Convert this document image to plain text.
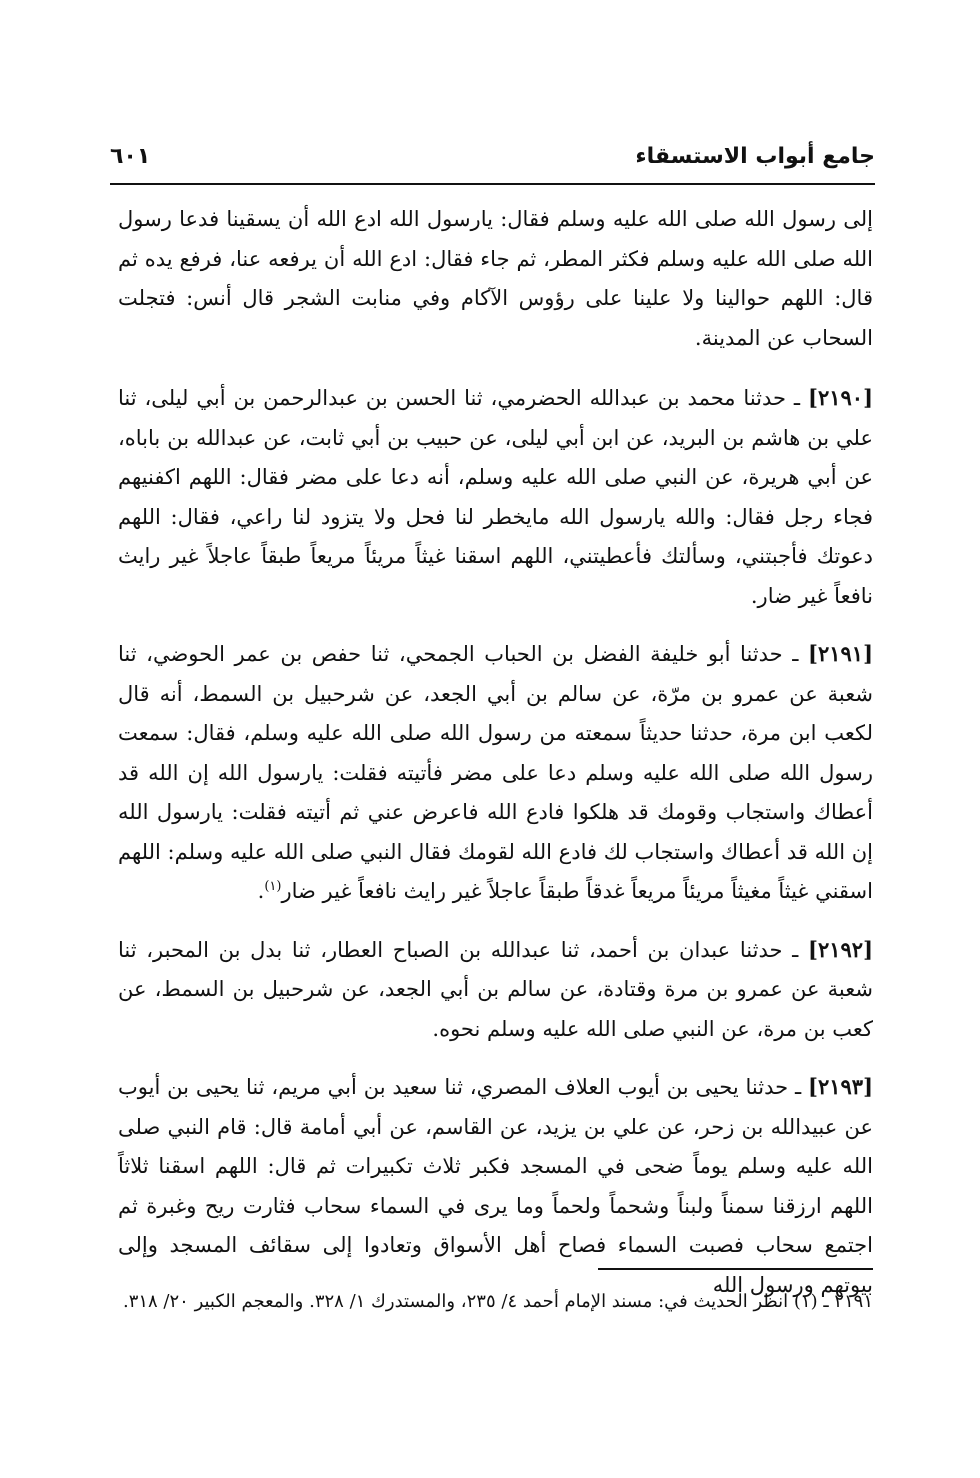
جامع أبواب الاستسقاء
٦٠١

إلى رسول الله صلى الله عليه وسلم فقال: يارسول الله ادع الله أن يسقينا فدعا رسول الله صلى الله عليه وسلم فكثر المطر، ثم جاء فقال: ادع الله أن يرفعه عنا، فرفع يده ثم قال: اللهم حوالينا ولا علينا على رؤوس الآكام وفي منابت الشجر قال أنس: فتجلت السحاب عن المدينة.

[٢١٩٠] ـ حدثنا محمد بن عبدالله الحضرمي، ثنا الحسن بن عبدالرحمن بن أبي ليلى، ثنا علي بن هاشم بن البريد، عن ابن أبي ليلى، عن حبيب بن أبي ثابت، عن عبدالله بن باباه، عن أبي هريرة، عن النبي صلى الله عليه وسلم، أنه دعا على مضر فقال: اللهم اكفنيهم فجاء رجل فقال: والله يارسول الله مايخطر لنا فحل ولا يتزود لنا راعي، فقال: اللهم دعوتك فأجبتني، وسألتك فأعطيتني، اللهم اسقنا غيثاً مريئاً مريعاً طبقاً عاجلاً غير رايث نافعاً غير ضار.

[٢١٩١] ـ حدثنا أبو خليفة الفضل بن الحباب الجمحي، ثنا حفص بن عمر الحوضي، ثنا شعبة عن عمرو بن مرّة، عن سالم بن أبي الجعد، عن شرحبيل بن السمط، أنه قال لكعب ابن مرة، حدثنا حديثاً سمعته من رسول الله صلى الله عليه وسلم، فقال: سمعت رسول الله صلى الله عليه وسلم دعا على مضر فأتيته فقلت: يارسول الله إن الله قد أعطاك واستجاب وقومك قد هلكوا فادع الله فاعرض عني ثم أتيته فقلت: يارسول الله إن الله قد أعطاك واستجاب لك فادع الله لقومك فقال النبي صلى الله عليه وسلم: اللهم اسقني غيثاً مغيثاً مريئاً مريعاً غدقاً طبقاً عاجلاً غير رايث نافعاً غير ضار$^{(١)}$.

[٢١٩٢] ـ حدثنا عبدان بن أحمد، ثنا عبدالله بن الصباح العطار، ثنا بدل بن المحبر، ثنا شعبة عن عمرو بن مرة وقتادة، عن سالم بن أبي الجعد، عن شرحبيل بن السمط، عن كعب بن مرة، عن النبي صلى الله عليه وسلم نحوه.

[٢١٩٣] ـ حدثنا يحيى بن أيوب العلاف المصري، ثنا سعيد بن أبي مريم، ثنا يحيى بن أيوب عن عبيدالله بن زحر، عن علي بن يزيد، عن القاسم، عن أبي أمامة قال: قام النبي صلى الله عليه وسلم يوماً ضحى في المسجد فكبر ثلاث تكبيرات ثم قال: اللهم اسقنا ثلاثاً اللهم ارزقنا سمناً ولبناً وشحماً ولحماً وما يرى في السماء سحاب فثارت ريح وغبرة ثم اجتمع سحاب فصبت السماء فصاح أهل الأسواق وتعادوا إلى سقائف المسجد وإلى بيوتهم ورسول الله

٢١٩١ ـ (١) انظر الحديث في: مسند الإمام أحمد ٤/ ٢٣٥، والمستدرك ١/ ٣٢٨. والمعجم الكبير ٢٠/ ٣١٨.
